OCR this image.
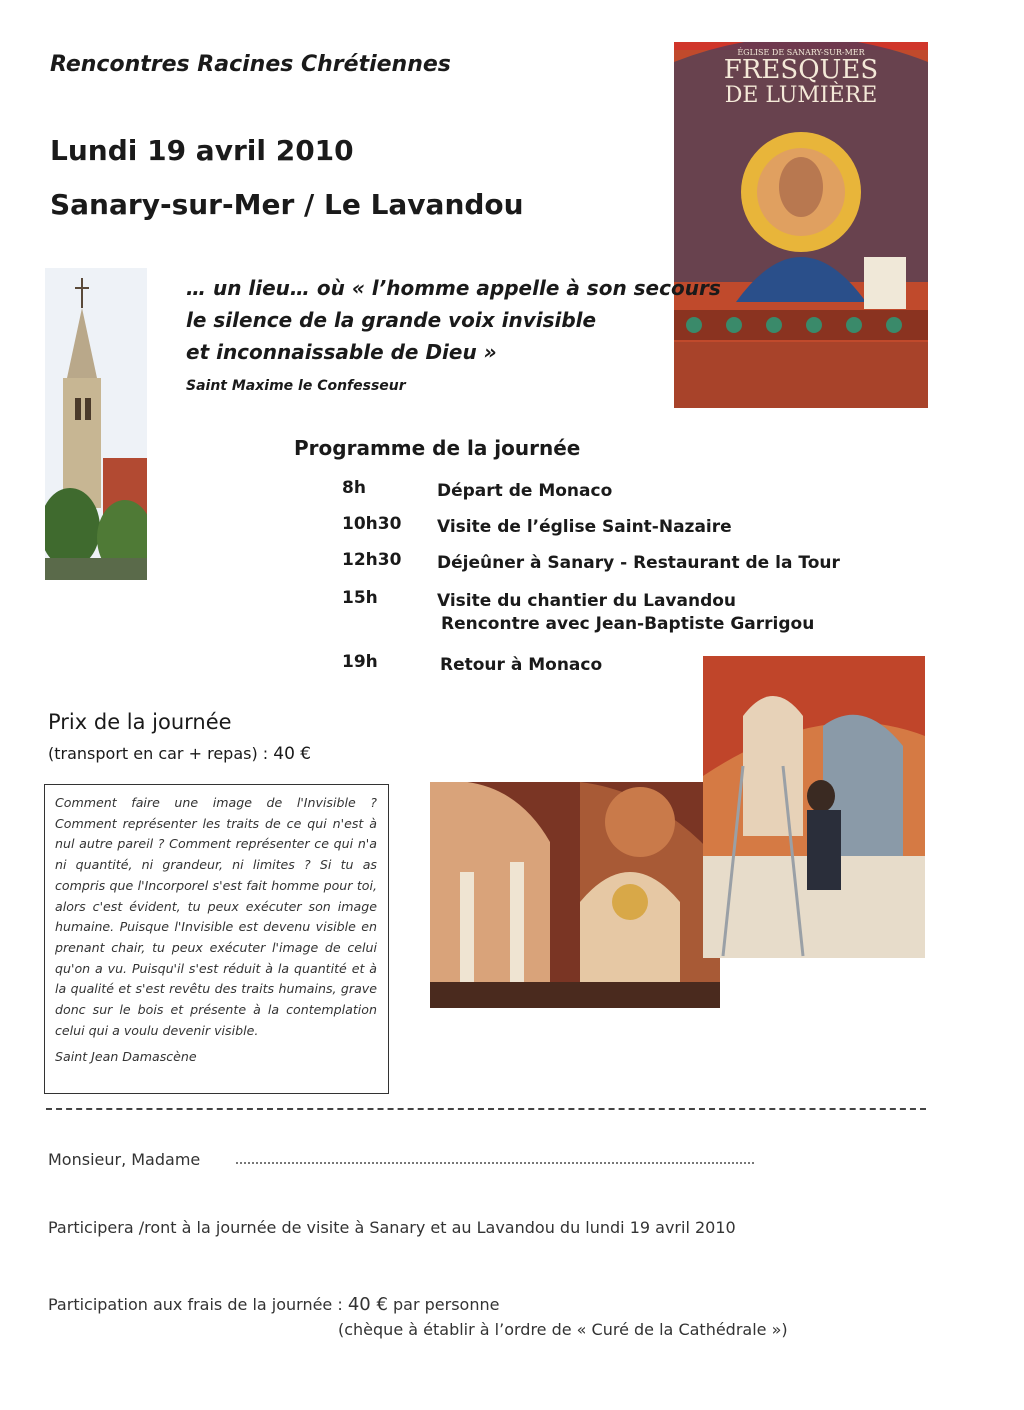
Rencontres Racines Chrétiennes
Lundi 19 avril 2010
Sanary-sur-Mer / Le Lavandou
ÉGLISE DE SANARY-SUR-MER
FRESQUES
DE LUMIÈRE
… un lieu… où « l’homme appelle à son secours
le silence de la grande voix invisible
et inconnaissable de Dieu »
Saint Maxime le Confesseur
Programme de la journée
8h	Départ de Monaco
10h30 Visite de l’église Saint-Nazaire
12h30 Déjeûner à Sanary - Restaurant de la Tour
15h	Visite du chantier du Lavandou
Rencontre avec Jean-Baptiste Garrigou
19h	Retour à Monaco
Prix de la journée
(transport en car + repas) : 40 €
Comment faire une image de l'Invisible ? Comment représenter les traits de ce qui n'est à nul autre pareil ? Comment représenter ce qui n'a ni quantité, ni grandeur, ni limites ? Si tu as compris que l'Incorporel s'est fait homme pour toi, alors c'est évident, tu peux exécuter son image humaine. Puisque l'Invisible est devenu visible en prenant chair, tu peux exécuter l'image de celui qu'on a vu. Puisqu'il s'est réduit à la quantité et à la qualité et s'est revêtu des traits humains, grave donc sur le bois et présente à la contemplation celui qui a voulu devenir visible.
Saint Jean Damascène
Monsieur, Madame
Participera /ront à la journée de visite à Sanary et au Lavandou du lundi 19 avril 2010
Participation aux frais de la journée : 40 € par personne
(chèque à établir à l’ordre de « Curé de la Cathédrale »)
